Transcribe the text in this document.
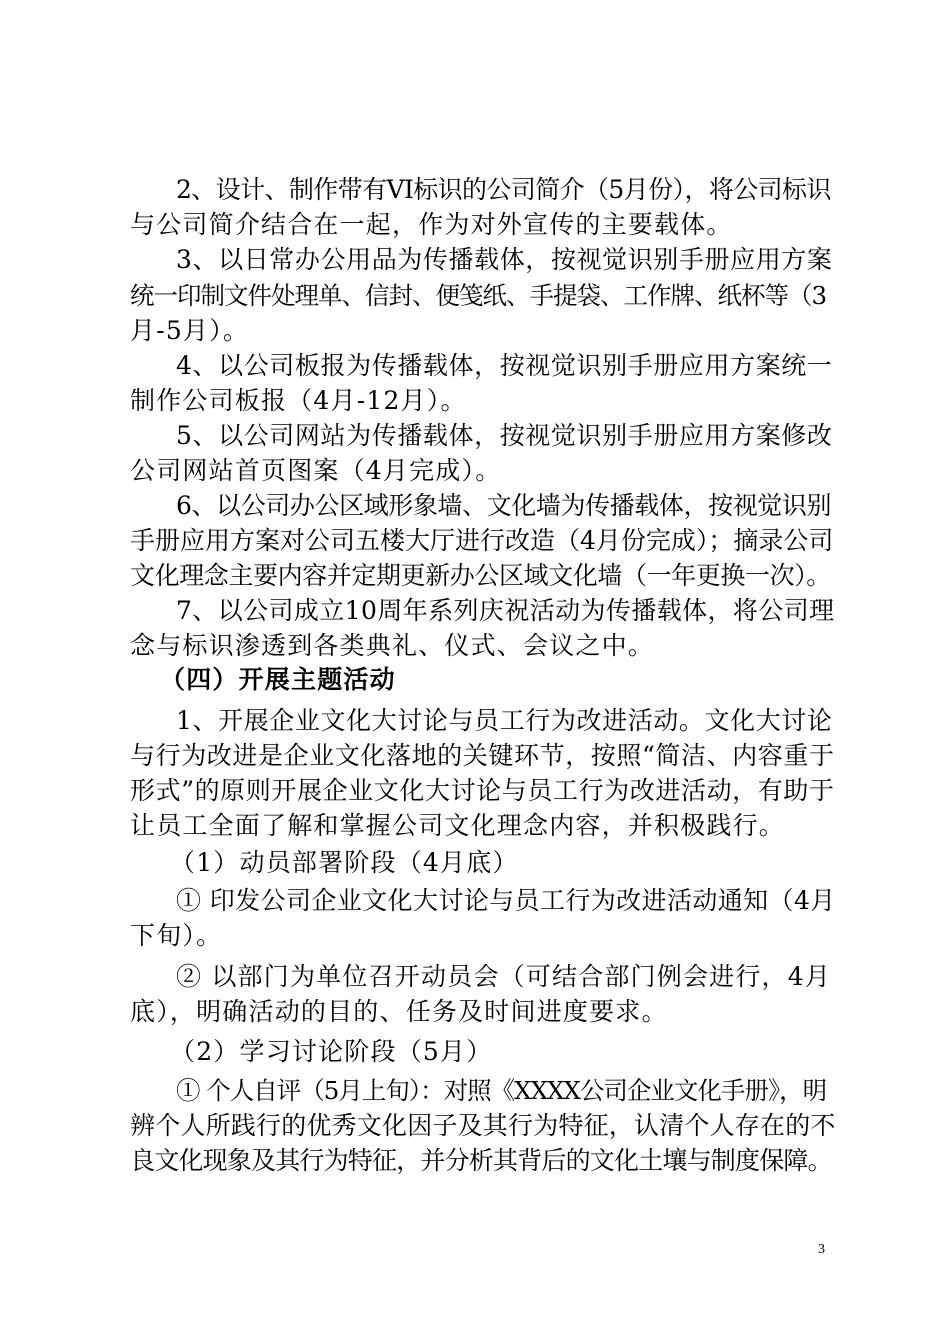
2、设计、制作带有VI标识的公司简介（5月份），将公司标识
与公司简介结合在一起，作为对外宣传的主要载体。
3、以日常办公用品为传播载体，按视觉识别手册应用方案
统一印制文件处理单、信封、便笺纸、手提袋、工作牌、纸杯等（3
月-5月）。
4、以公司板报为传播载体，按视觉识别手册应用方案统一
制作公司板报（4月-12月）。
5、以公司网站为传播载体，按视觉识别手册应用方案修改
公司网站首页图案（4月完成）。
6、以公司办公区域形象墙、文化墙为传播载体，按视觉识别
手册应用方案对公司五楼大厅进行改造（4月份完成）；摘录公司
文化理念主要内容并定期更新办公区域文化墙（一年更换一次）。
7、以公司成立10周年系列庆祝活动为传播载体，将公司理
念与标识渗透到各类典礼、仪式、会议之中。
（四）开展主题活动
1、开展企业文化大讨论与员工行为改进活动。文化大讨论
与行为改进是企业文化落地的关键环节，按照“简洁、内容重于
形式”的原则开展企业文化大讨论与员工行为改进活动，有助于
让员工全面了解和掌握公司文化理念内容，并积极践行。
（1）动员部署阶段（4月底）
① 印发公司企业文化大讨论与员工行为改进活动通知（4月
下旬）。
② 以部门为单位召开动员会（可结合部门例会进行，4月
底），明确活动的目的、任务及时间进度要求。
（2）学习讨论阶段（5月）
① 个人自评（5月上旬）：对照《XXXX公司企业文化手册》，明
辨个人所践行的优秀文化因子及其行为特征，认清个人存在的不
良文化现象及其行为特征，并分析其背后的文化土壤与制度保障。
3
